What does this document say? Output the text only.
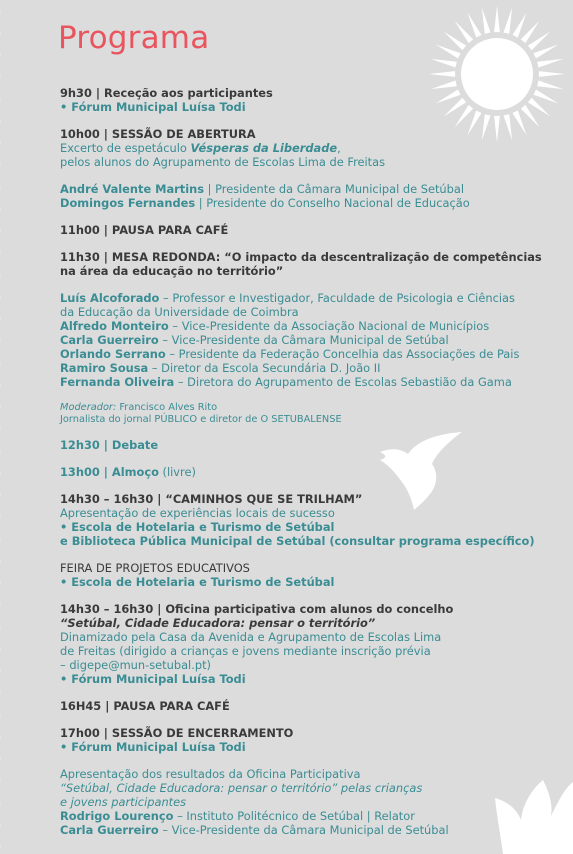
Programa
9h30 | Receção aos participantes
• Fórum Municipal Luísa Todi
10h00 | SESSÃO DE ABERTURA
Excerto de espetáculo Vésperas da Liberdade,
pelos alunos do Agrupamento de Escolas Lima de Freitas
André Valente Martins | Presidente da Câmara Municipal de Setúbal
Domingos Fernandes | Presidente do Conselho Nacional de Educação
11h00 | PAUSA PARA CAFÉ
11h30 | MESA REDONDA: “O impacto da descentralização de competências
na área da educação no território”
Luís Alcoforado – Professor e Investigador, Faculdade de Psicologia e Ciências
da Educação da Universidade de Coimbra
Alfredo Monteiro – Vice-Presidente da Associação Nacional de Municípios
Carla Guerreiro – Vice-Presidente da Câmara Municipal de Setúbal
Orlando Serrano – Presidente da Federação Concelhia das Associações de Pais
Ramiro Sousa – Diretor da Escola Secundária D. João II
Fernanda Oliveira – Diretora do Agrupamento de Escolas Sebastião da Gama
Moderador: Francisco Alves Rito
Jornalista do jornal PÚBLICO e diretor de O SETUBALENSE
12h30 | Debate
13h00 | Almoço (livre)
14h30 – 16h30 | “CAMINHOS QUE SE TRILHAM”
Apresentação de experiências locais de sucesso
• Escola de Hotelaria e Turismo de Setúbal
e Biblioteca Pública Municipal de Setúbal (consultar programa específico)
FEIRA DE PROJETOS EDUCATIVOS
• Escola de Hotelaria e Turismo de Setúbal
14h30 – 16h30 | Oficina participativa com alunos do concelho
“Setúbal, Cidade Educadora: pensar o território”
Dinamizado pela Casa da Avenida e Agrupamento de Escolas Lima
de Freitas (dirigido a crianças e jovens mediante inscrição prévia
– digepe@mun-setubal.pt)
• Fórum Municipal Luísa Todi
16H45 | PAUSA PARA CAFÉ
17h00 | SESSÃO DE ENCERRAMENTO
• Fórum Municipal Luísa Todi
Apresentação dos resultados da Oficina Participativa
“Setúbal, Cidade Educadora: pensar o território” pelas crianças
e jovens participantes
Rodrigo Lourenço – Instituto Politécnico de Setúbal | Relator
Carla Guerreiro – Vice-Presidente da Câmara Municipal de Setúbal
